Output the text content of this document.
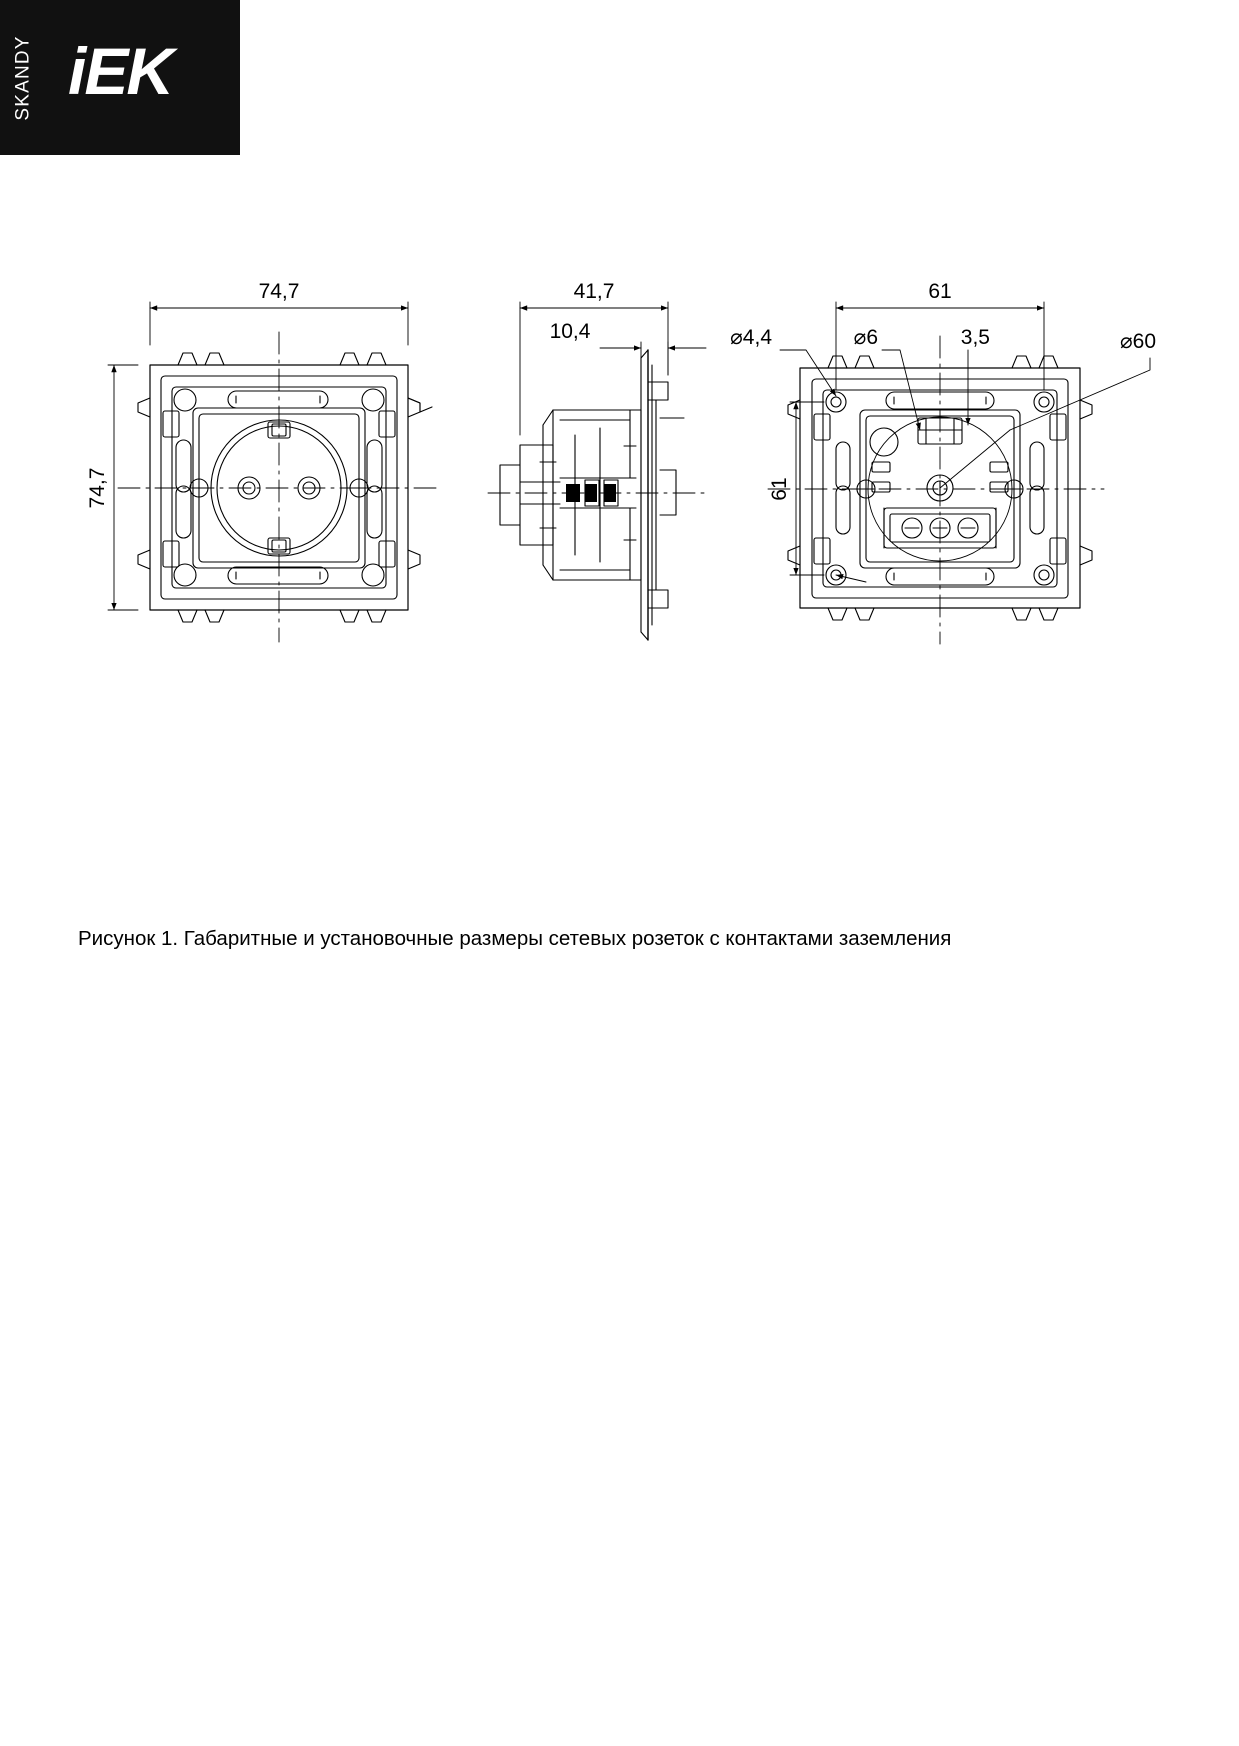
SKANDY iEK
74,7
74,7
41,7
10,4
61
61
⌀4,4	⌀6	3,5	⌀60
Рисунок 1. Габаритные и установочные размеры сетевых розеток с контактами заземления
